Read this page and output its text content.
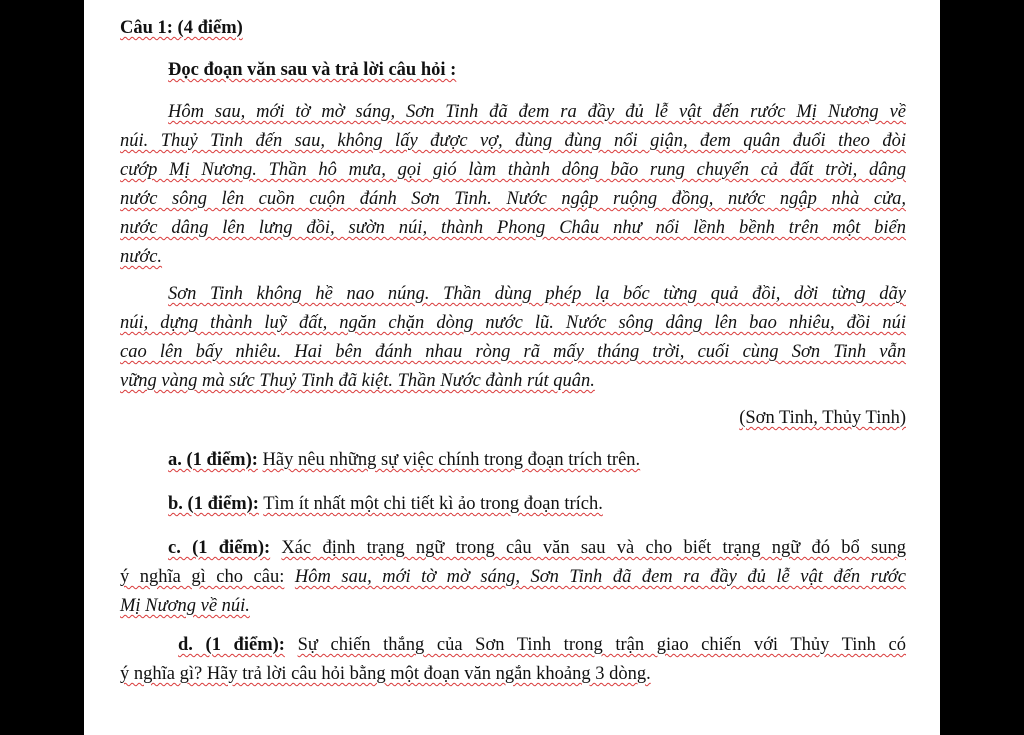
Câu 1: (4 điểm)
Đọc đoạn văn sau và trả lời câu hỏi :
Hôm sau, mới tờ mờ sáng, Sơn Tinh đã đem ra đầy đủ lễ vật đến rước Mị Nương về
núi. Thuỷ Tinh đến sau, không lấy được vợ, đùng đùng nổi giận, đem quân đuổi theo đòi
cướp Mị Nương. Thần hô mưa, gọi gió làm thành dông bão rung chuyển cả đất trời, dâng
nước sông lên cuồn cuộn đánh Sơn Tinh. Nước ngập ruộng đồng, nước ngập nhà cửa,
nước dâng lên lưng đồi, sườn núi, thành Phong Châu như nổi lềnh bềnh trên một biển
nước.
Sơn Tinh không hề nao núng. Thần dùng phép lạ bốc từng quả đồi, dời từng dãy
núi, dựng thành luỹ đất, ngăn chặn dòng nước lũ. Nước sông dâng lên bao nhiêu, đồi núi
cao lên bấy nhiêu. Hai bên đánh nhau ròng rã mấy tháng trời, cuối cùng Sơn Tinh vẫn
vững vàng mà sức Thuỷ Tinh đã kiệt. Thần Nước đành rút quân.
(Sơn Tinh, Thủy Tinh)
a. (1 điểm): Hãy nêu những sự việc chính trong đoạn trích trên.
b. (1 điểm): Tìm ít nhất một chi tiết kì ảo trong đoạn trích.
c. (1 điểm): Xác định trạng ngữ trong câu văn sau và cho biết trạng ngữ đó bổ sung
ý nghĩa gì cho câu: Hôm sau, mới tờ mờ sáng, Sơn Tinh đã đem ra đầy đủ lễ vật đến rước
Mị Nương về núi.
d. (1 điểm): Sự chiến thắng của Sơn Tinh trong trận giao chiến với Thủy Tinh có
ý nghĩa gì? Hãy trả lời câu hỏi bằng một đoạn văn ngắn khoảng 3 dòng.
